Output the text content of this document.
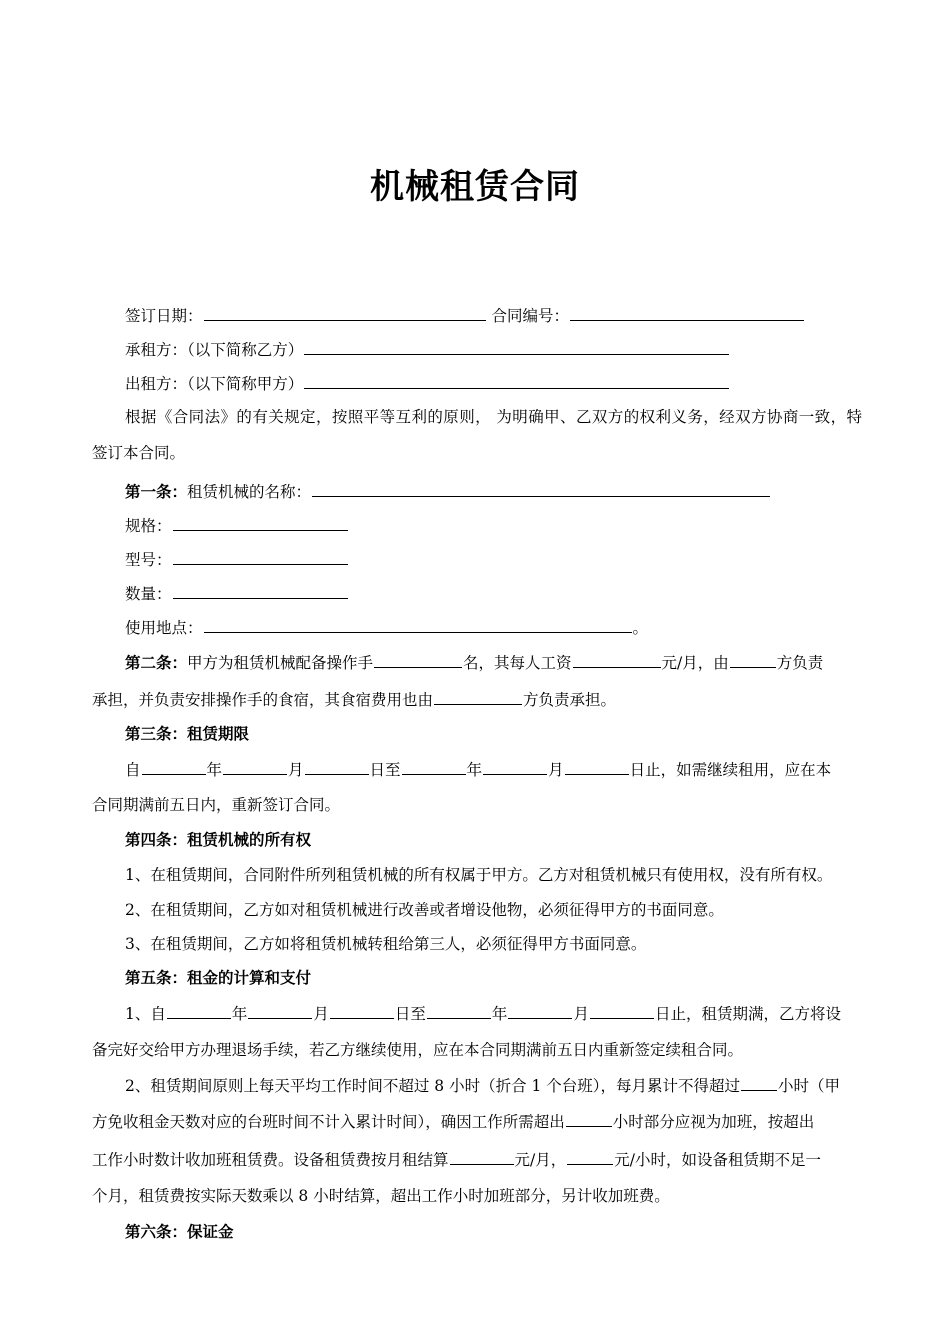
机械租赁合同
签订日期：	合同编号：
承租方：（以下简称乙方）
出租方：（以下简称甲方）
根据《合同法》的有关规定，按照平等互利的原则， 为明确甲、乙双方的权利义务，经双方协商一致，特
签订本合同。
第一条：租赁机械的名称：
规格：
型号：
数量：
使用地点：	。
第二条：甲方为租赁机械配备操作手	名，其每人工资	元/月，由	方负责
承担，并负责安排操作手的食宿，其食宿费用也由	方负责承担。
第三条：租赁期限
自	年	月	日至	年	月	日止，如需继续租用，应在本
合同期满前五日内，重新签订合同。
第四条：租赁机械的所有权
1、在租赁期间，合同附件所列租赁机械的所有权属于甲方。乙方对租赁机械只有使用权，没有所有权。
2、在租赁期间，乙方如对租赁机械进行改善或者增设他物，必须征得甲方的书面同意。
3、在租赁期间，乙方如将租赁机械转租给第三人，必须征得甲方书面同意。
第五条：租金的计算和支付
1、自	年	月	日至	年	月	日止，租赁期满，乙方将设
备完好交给甲方办理退场手续，若乙方继续使用，应在本合同期满前五日内重新签定续租合同。
2、租赁期间原则上每天平均工作时间不超过 8 小时（折合 1 个台班），每月累计不得超过 小时（甲
方免收租金天数对应的台班时间不计入累计时间），确因工作所需超出	小时部分应视为加班，按超出
工作小时数计收加班租赁费。设备租赁费按月租结算	元/月，	元/小时，如设备租赁期不足一
个月，租赁费按实际天数乘以 8 小时结算，超出工作小时加班部分，另计收加班费。
第六条：保证金
